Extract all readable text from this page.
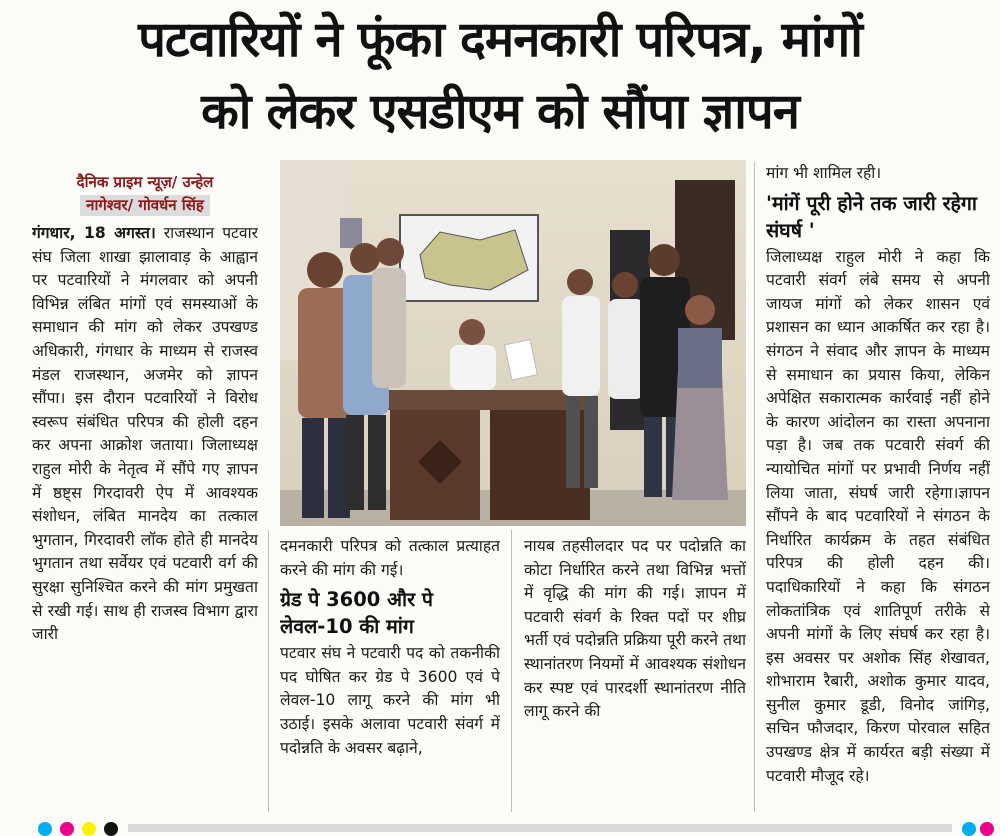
पटवारियों ने फूंका दमनकारी परिपत्र, मांगों
को लेकर एसडीएम को सौंपा ज्ञापन
दैनिक प्राइम न्यूज़/ उन्हेल
नागेश्वर/ गोवर्धन सिंह

गंगधार, 18 अगस्त। राजस्थान पटवार संघ जिला शाखा झालावाड़ के आह्वान पर पटवारियों ने मंगलवार को अपनी विभिन्न लंबित मांगों एवं समस्याओं के समाधान की मांग को लेकर उपखण्ड अधिकारी, गंगधार के माध्यम से राजस्व मंडल राजस्थान, अजमेर को ज्ञापन सौंपा। इस दौरान पटवारियों ने विरोध स्वरूप संबंधित परिपत्र की होली दहन कर अपना आक्रोश जताया। जिलाध्यक्ष राहुल मोरी के नेतृत्व में सौंपे गए ज्ञापन में ष्ठष्ट्स गिरदावरी ऐप में आवश्यक संशोधन, लंबित मानदेय का तत्काल भुगतान, गिरदावरी लॉक होते ही मानदेय भुगतान तथा सर्वेयर एवं पटवारी वर्ग की सुरक्षा सुनिश्चित करने की मांग प्रमुखता से रखी गई। साथ ही राजस्व विभाग द्वारा जारी

दमनकारी परिपत्र को तत्काल प्रत्याहत करने की मांग की गई।

ग्रेड पे 3600 और पे लेवल-10 की मांग

पटवार संघ ने पटवारी पद को तकनीकी पद घोषित कर ग्रेड पे 3600 एवं पे लेवल-10 लागू करने की मांग भी उठाई। इसके अलावा पटवारी संवर्ग में पदोन्नति के अवसर बढ़ाने,

नायब तहसीलदार पद पर पदोन्नति का कोटा निर्धारित करने तथा विभिन्न भत्तों में वृद्धि की मांग की गई। ज्ञापन में पटवारी संवर्ग के रिक्त पदों पर शीघ्र भर्ती एवं पदोन्नति प्रक्रिया पूरी करने तथा स्थानांतरण नियमों में आवश्यक संशोधन कर स्पष्ट एवं पारदर्शी स्थानांतरण नीति लागू करने की

मांग भी शामिल रही।

'मांगें पूरी होने तक जारी रहेगा संघर्ष '

जिलाध्यक्ष राहुल मोरी ने कहा कि पटवारी संवर्ग लंबे समय से अपनी जायज मांगों को लेकर शासन एवं प्रशासन का ध्यान आकर्षित कर रहा है। संगठन ने संवाद और ज्ञापन के माध्यम से समाधान का प्रयास किया, लेकिन अपेक्षित सकारात्मक कार्रवाई नहीं होने के कारण आंदोलन का रास्ता अपनाना पड़ा है। जब तक पटवारी संवर्ग की न्यायोचित मांगों पर प्रभावी निर्णय नहीं लिया जाता, संघर्ष जारी रहेगा।ज्ञापन सौंपने के बाद पटवारियों ने संगठन के निर्धारित कार्यक्रम के तहत संबंधित परिपत्र की होली दहन की। पदाधिकारियों ने कहा कि संगठन लोकतांत्रिक एवं शातिपूर्ण तरीके से अपनी मांगों के लिए संघर्ष कर रहा है। इस अवसर पर अशोक सिंह शेखावत, शोभाराम रैबारी, अशोक कुमार यादव, सुनील कुमार डूडी, विनोद जांगिड़, सचिन फौजदार, किरण पोरवाल सहित उपखण्ड क्षेत्र में कार्यरत बड़ी संख्या में पटवारी मौजूद रहे।
